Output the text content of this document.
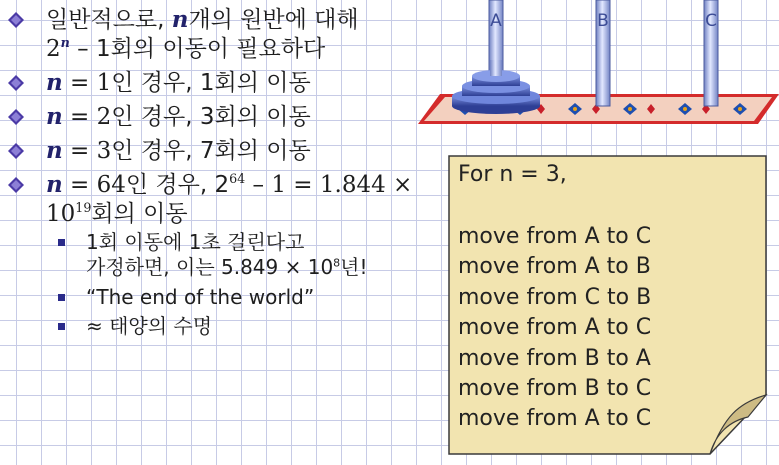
일반적으로, n개의 원반에 대해
2$^n$ – 1회의 이동이 필요하다
n = 1인 경우, 1회의 이동
n = 2인 경우, 3회의 이동
n = 3인 경우, 7회의 이동
n = 64인 경우, $2^{64} - 1 = 1.844$ ×
$10^{19}$회의 이동
1회 이동에 1초 걸린다고
가정하면, 이는 $5.849 \times 10^8$년!
“The end of the world”
≈ 태양의 수명
A	B	C
For n = 3,
move from A to C
move from A to B
move from C to B
move from A to C
move from B to A
move from B to C
move from A to C
